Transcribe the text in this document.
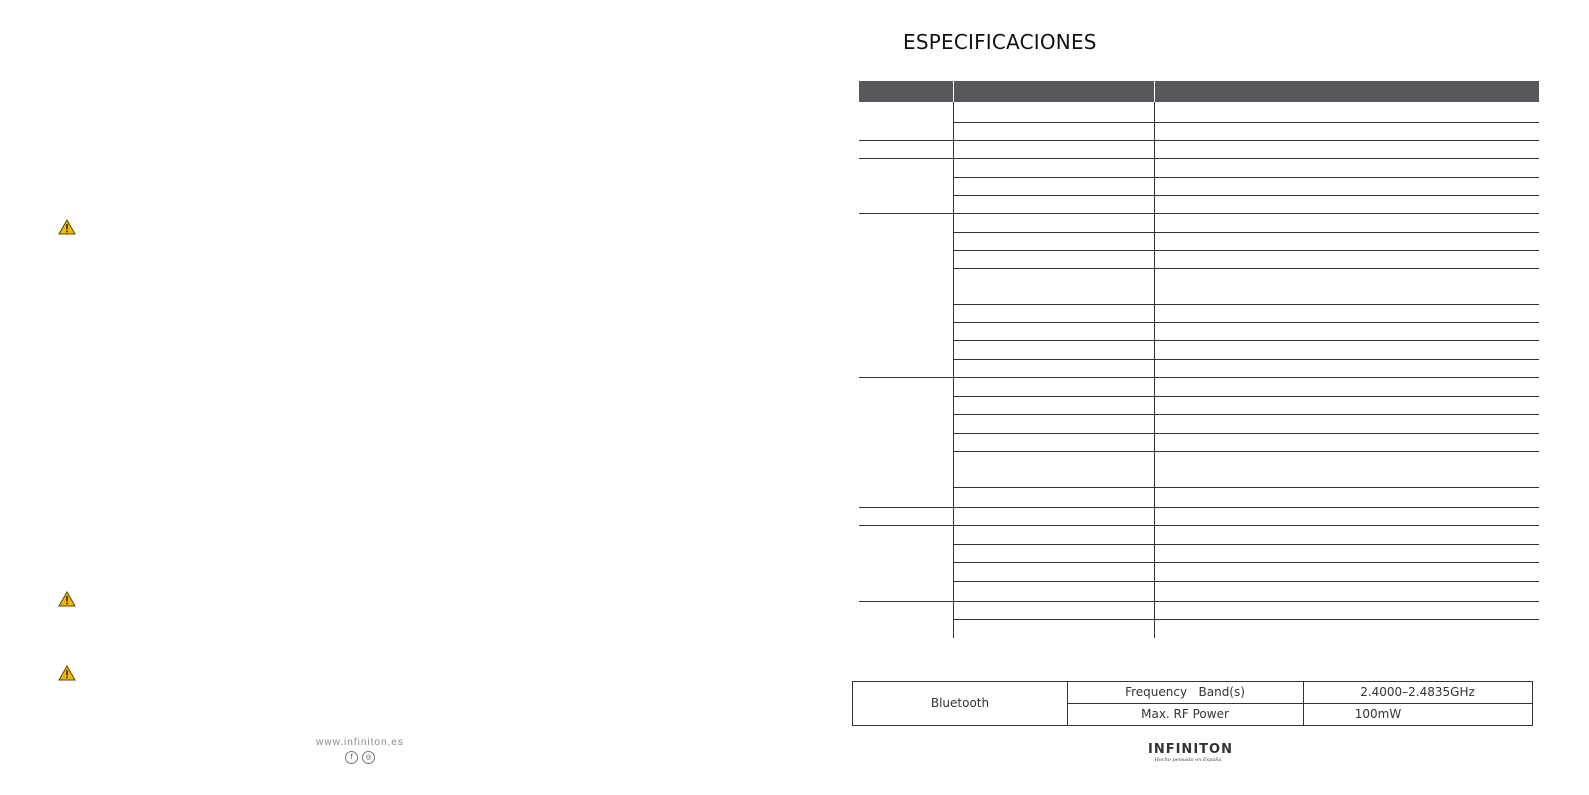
www.infiniton.es
f	◎
ESPECIFICACIONES
Bluetooth
Frequency   Band(s)	2.4000–2.4835GHz
Max. RF Power	100mW
INFINITON
Hecho pensado en España
